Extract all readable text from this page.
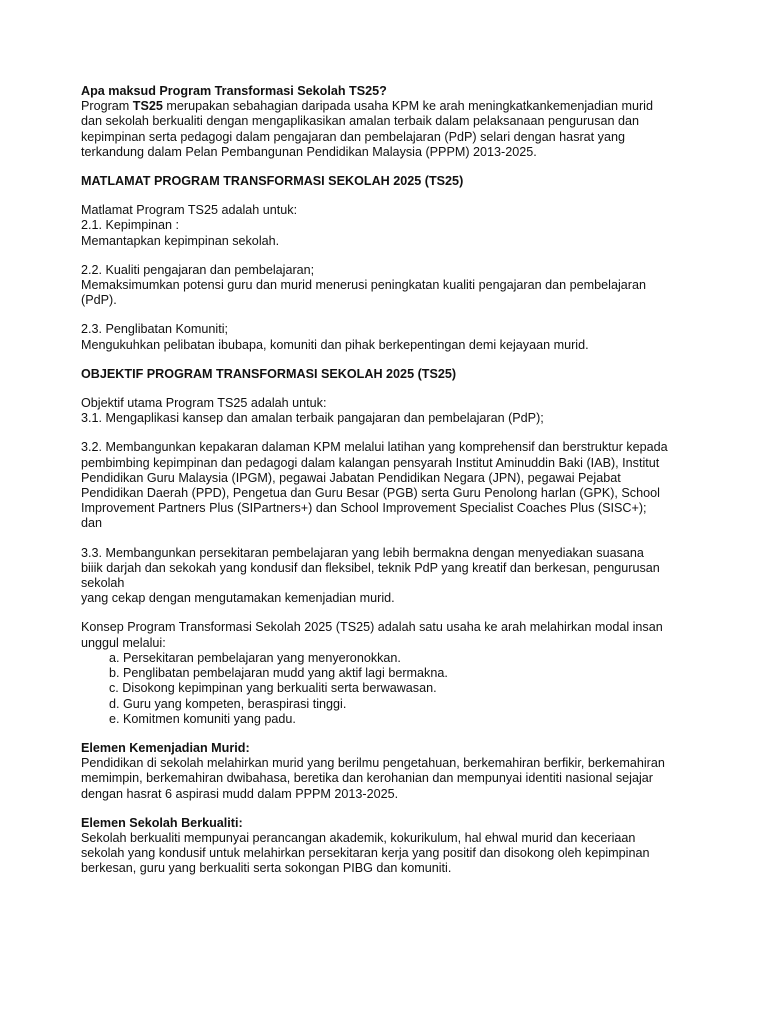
Apa maksud Program Transformasi Sekolah TS25?
Program TS25 merupakan sebahagian daripada usaha KPM ke arah meningkatkankemenjadian murid
dan sekolah berkualiti dengan mengaplikasikan amalan terbaik dalam pelaksanaan pengurusan dan
kepimpinan serta pedagogi dalam pengajaran dan pembelajaran (PdP) selari dengan hasrat yang
terkandung dalam Pelan Pembangunan Pendidikan Malaysia (PPPM) 2013-2025.
MATLAMAT PROGRAM TRANSFORMASI SEKOLAH 2025 (TS25)
Matlamat Program TS25 adalah untuk:
2.1. Kepimpinan :
Memantapkan kepimpinan sekolah.
2.2. Kualiti pengajaran dan pembelajaran;
Memaksimumkan potensi guru dan murid menerusi peningkatan kualiti pengajaran dan pembelajaran
(PdP).
2.3. Penglibatan Komuniti;
Mengukuhkan pelibatan ibubapa, komuniti dan pihak berkepentingan demi kejayaan murid.
OBJEKTIF PROGRAM TRANSFORMASI SEKOLAH 2025 (TS25)
Objektif utama Program TS25 adalah untuk:
3.1. Mengaplikasi kansep dan amalan terbaik pangajaran dan pembelajaran (PdP);
3.2. Membangunkan kepakaran dalaman KPM melalui latihan yang komprehensif dan berstruktur kepada
pembimbing kepimpinan dan pedagogi dalam kalangan pensyarah Institut Aminuddin Baki (IAB), Institut
Pendidikan Guru Malaysia (IPGM), pegawai Jabatan Pendidikan Negara (JPN), pegawai Pejabat
Pendidikan Daerah (PPD), Pengetua dan Guru Besar (PGB) serta Guru Penolong harlan (GPK), School
Improvement Partners Plus (SIPartners+) dan School Improvement Specialist Coaches Plus (SISC+);
dan
3.3. Membangunkan persekitaran pembelajaran yang lebih bermakna dengan menyediakan suasana
biiik darjah dan sekokah yang kondusif dan fleksibel, teknik PdP yang kreatif dan berkesan, pengurusan
sekolah
yang cekap dengan mengutamakan kemenjadian murid.
Konsep Program Transformasi Sekolah 2025 (TS25) adalah satu usaha ke arah melahirkan modal insan
unggul melalui:
a. Persekitaran pembelajaran yang menyeronokkan.
b. Penglibatan pembelajaran mudd yang aktif lagi bermakna.
c. Disokong kepimpinan yang berkualiti serta berwawasan.
d. Guru yang kompeten, beraspirasi tinggi.
e. Komitmen komuniti yang padu.
Elemen Kemenjadian Murid:
Pendidikan di sekolah melahirkan murid yang berilmu pengetahuan, berkemahiran berfikir, berkemahiran
memimpin, berkemahiran dwibahasa, beretika dan kerohanian dan mempunyai identiti nasional sejajar
dengan hasrat 6 aspirasi mudd dalam PPPM 2013-2025.
Elemen Sekolah Berkualiti:
Sekolah berkualiti mempunyai perancangan akademik, kokurikulum, hal ehwal murid dan keceriaan
sekolah yang kondusif untuk melahirkan persekitaran kerja yang positif dan disokong oleh kepimpinan
berkesan, guru yang berkualiti serta sokongan PIBG dan komuniti.
